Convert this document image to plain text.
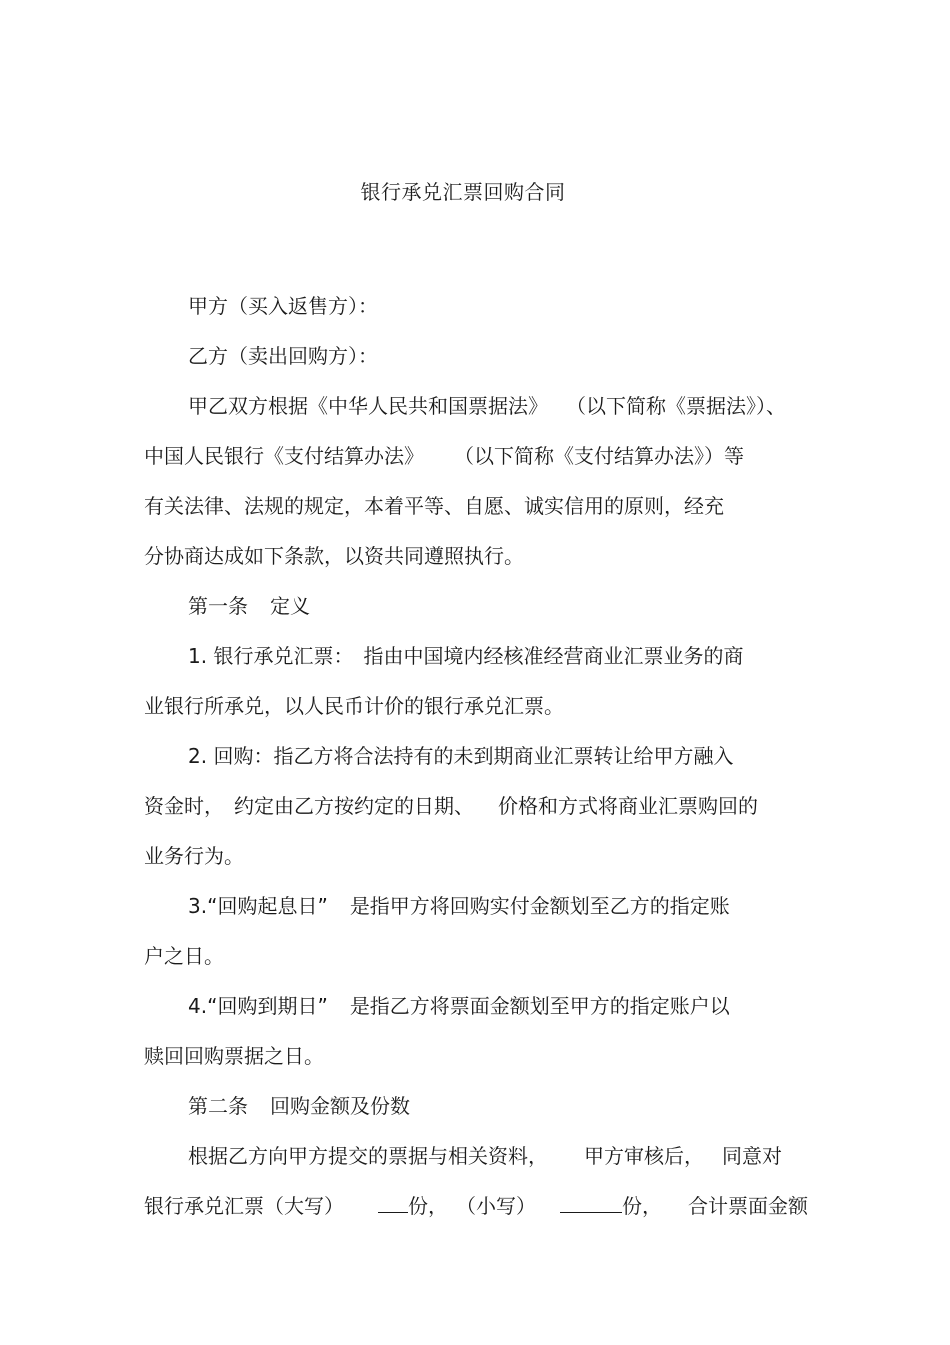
银行承兑汇票回购合同
甲方（买入返售方）：
乙方（卖出回购方）：
甲乙双方根据《中华人民共和国票据法》 （以下简称《票据法》）、
中国人民银行《支付结算办法》 （以下简称《支付结算办法》）等
有关法律、法规的规定，本着平等、自愿、诚实信用的原则，经充
分协商达成如下条款，以资共同遵照执行。
第一条 定义
1. 银行承兑汇票： 指由中国境内经核准经营商业汇票业务的商
业银行所承兑，以人民币计价的银行承兑汇票。
2. 回购：指乙方将合法持有的未到期商业汇票转让给甲方融入
资金时， 约定由乙方按约定的日期、 价格和方式将商业汇票购回的
业务行为。
3.“回购起息日” 是指甲方将回购实付金额划至乙方的指定账
户之日。
4.“回购到期日” 是指乙方将票面金额划至甲方的指定账户以
赎回回购票据之日。
第二条 回购金额及份数
根据乙方向甲方提交的票据与相关资料， 甲方审核后， 同意对
银行承兑汇票（大写）	份， （小写）	份， 合计票面金额
